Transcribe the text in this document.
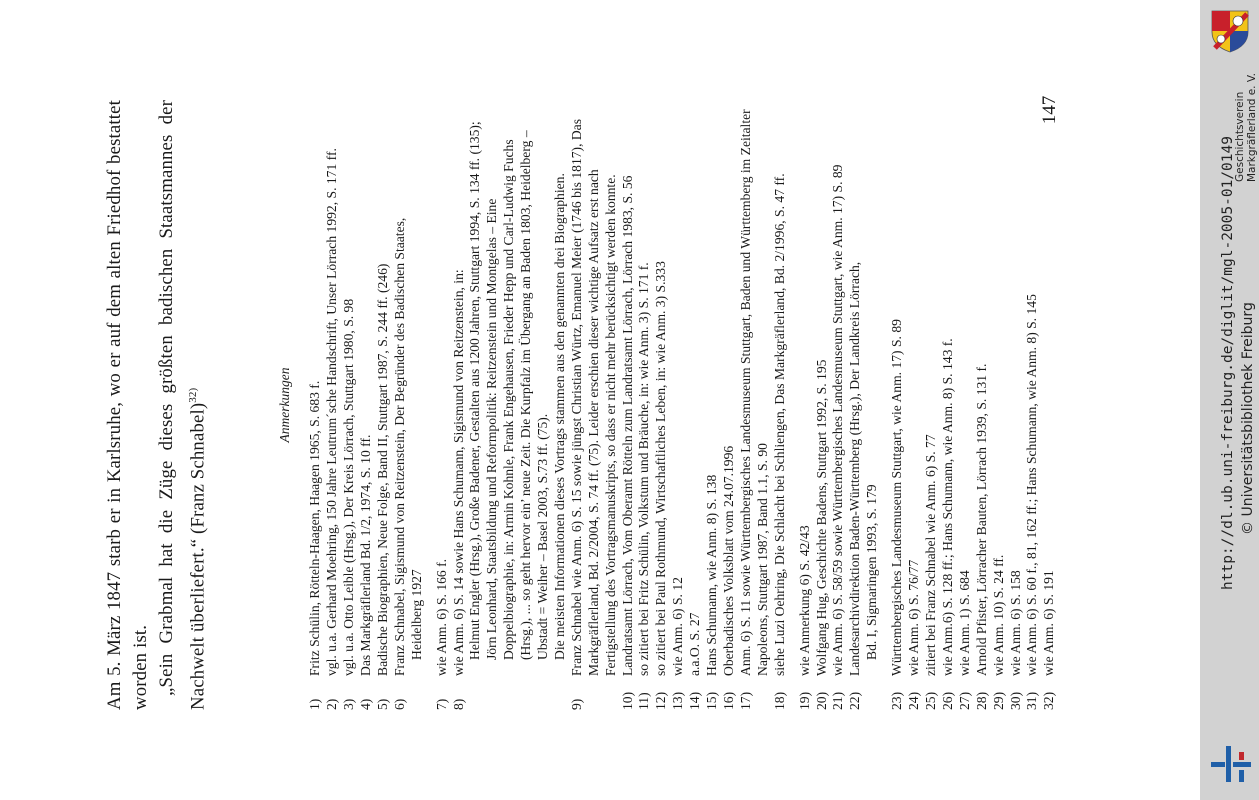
Am 5. März 1847 starb er in Karlsruhe, wo er auf dem alten Friedhof bestattet worden ist. „Sein Grabmal hat die Züge dieses größten badischen Staatsmannes der Nachwelt überliefert.“ (Franz Schnabel)$^{32)}$	Anmerkungen
1)
Fritz Schülin, Rötteln-Haagen, Haagen 1965, S. 683 f.
2)
vgl. u.a. Gerhard Moehring, 150 Jahre Leutrum´sche Handschrift, Unser Lörrach 1992, S. 171 ff.
3)
vgl. u.a. Otto Leible (Hrsg.), Der Kreis Lörrach, Stuttgart 1980, S. 98
4)
Das Markgräflerland Bd. 1/2, 1974, S. 10 ff.
5)
Badische Biographien, Neue Folge, Band II, Stuttgart 1987, S. 244 ff. (246)
6)
Franz Schnabel, Sigismund von Reitzenstein, Der Begründer des Badischen Staates, Heidelberg 1927
7)
wie Anm. 6) S. 166 f.
8)
wie Anm. 6) S. 14 sowie Hans Schumann, Sigismund von Reitzenstein, in: Helmut Engler (Hrsg.), Große Badener, Gestalten aus 1200 Jahren, Stuttgart 1994, S. 134 ff. (135); Jörn Leonhard, Staatsbildung und Reformpolitik: Reitzenstein und Montgelas – Eine Doppelbiographie, in: Armin Kohnle, Frank Engehausen, Frieder Hepp und Carl-Ludwig Fuchs (Hrsg.), ... so geht hervor ein’ neue Zeit. Die Kurpfalz im Übergang an Baden 1803, Heidelberg – Ubstadt = Weiher – Basel 2003, S.73 ff. (75). Die meisten Informationen dieses Vortrags stammen aus den genannten drei Biographien.
9)
Franz Schnabel wie Anm. 6) S. 15 sowie jüngst Christian Würtz, Emanuel Meier (1746 bis 1817), Das Markgräflerland, Bd. 2/2004, S. 74 ff. (75). Leider erschien dieser wichtige Aufsatz erst nach Fertigstellung des Vortragsmanuskripts, so dass er nicht mehr berücksichtigt werden konnte.
10)
Landratsamt Lörrach, Vom Oberamt Rötteln zum Landratsamt Lörrach, Lörrach 1983, S. 56
11)
so zitiert bei Fritz Schülin, Volkstum und Bräuche, in: wie Anm. 3) S. 171 f.
12)
so zitiert bei Paul Rothmund, Wirtschaftliches Leben, in: wie Anm. 3) S.333
13)
wie Anm. 6) S. 12
14)
a.a.O. S. 27
15)
Hans Schumann, wie Anm. 8) S. 138
16)
Oberbadisches Volksblatt vom 24.07.1996
17)
Anm. 6) S. 11 sowie Württembergisches Landesmuseum Stuttgart, Baden und Württemberg im Zeitalter Napoleons, Stuttgart 1987, Band 1.1, S. 90
18)
siehe Luzi Oehring, Die Schlacht bei Schliengen, Das Markgräflerland, Bd. 2/1996, S. 47 ff.
19)
wie Anmerkung 6) S. 42/43
20)
Wolfgang Hug, Geschichte Badens, Stuttgart 1992, S. 195
21)
wie Anm. 6) S. 58/59 sowie Württembergisches Landesmuseum Stuttgart, wie Anm. 17) S. 89
22)
Landesarchivdirektion Baden-Württemberg (Hrsg.), Der Landkreis Lörrach, Bd. I, Sigmaringen 1993, S. 179
23)
Württembergisches Landesmuseum Stuttgart, wie Anm. 17) S. 89
24)
wie Anm. 6) S. 76/77
25)
zitiert bei Franz Schnabel wie Anm. 6) S. 77
26)
wie Anm.6) S. 128 ff.; Hans Schumann, wie Anm. 8) S. 143 f.
27)
wie Anm. 1) S. 684
28)
Arnold Pfister, Lörracher Bauten, Lörrach 1939, S. 131 f.
29)
wie Anm. 10) S. 24 ff.
30)
wie Anm. 6) S. 158
31)
wie Anm. 6) S. 60 f., 81, 162 ff.; Hans Schumann, wie Anm. 8) S. 145
32)
wie Anm. 6) S. 191
147	Geschichtsverein Markgräflerland e. V.
http://dl.ub.uni-freiburg.de/diglit/mgl-2005-01/0149 © Universitätsbibliothek Freiburg
